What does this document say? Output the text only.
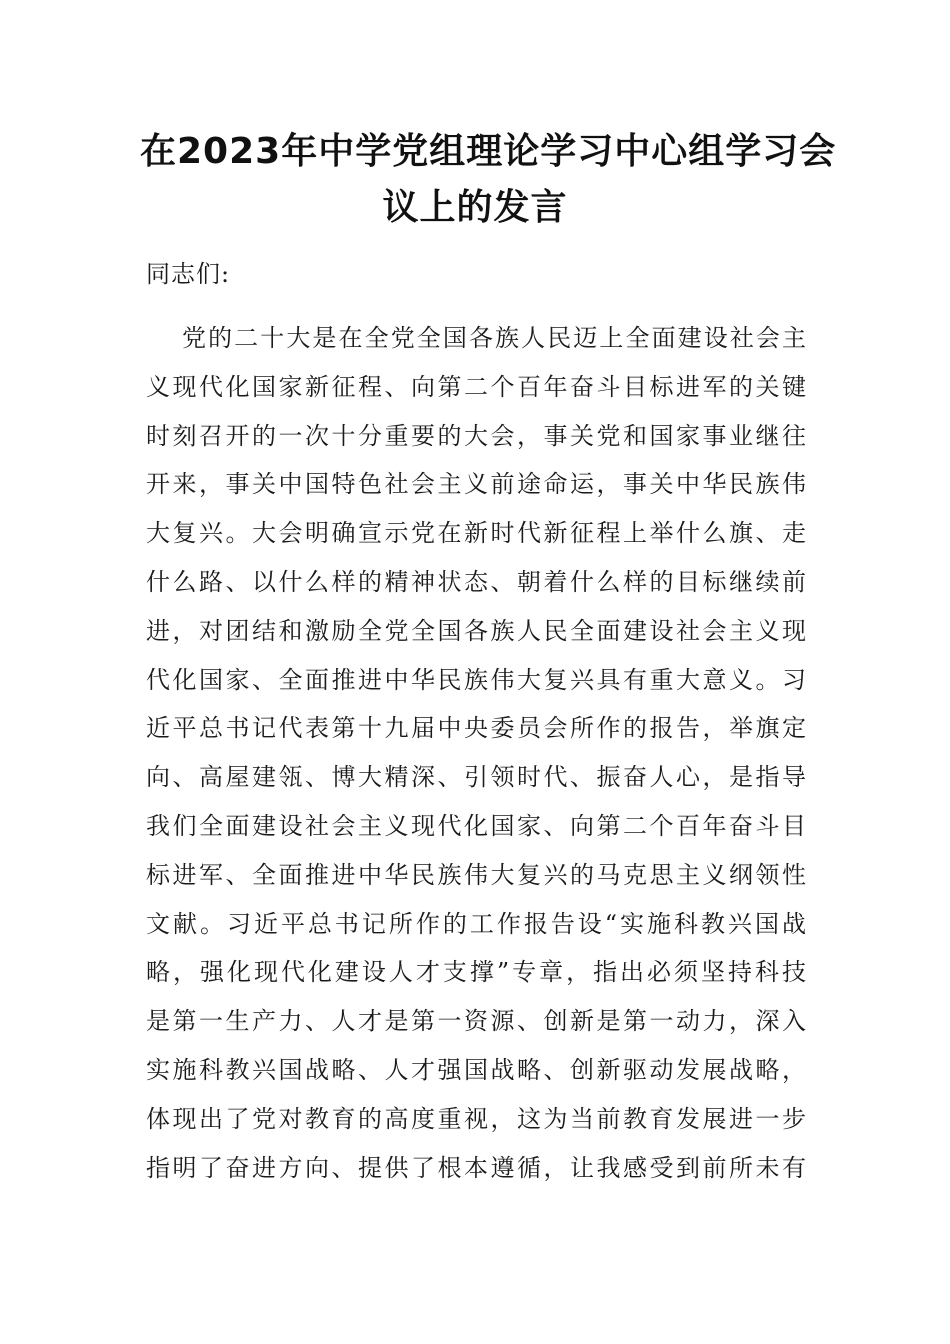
在2023年中学党组理论学习中心组学习会
议上的发言
同志们:
党的二十大是在全党全国各族人民迈上全面建设社会主
义现代化国家新征程、向第二个百年奋斗目标进军的关键
时刻召开的一次十分重要的大会，事关党和国家事业继往
开来，事关中国特色社会主义前途命运，事关中华民族伟
大复兴。大会明确宣示党在新时代新征程上举什么旗、走
什么路、以什么样的精神状态、朝着什么样的目标继续前
进，对团结和激励全党全国各族人民全面建设社会主义现
代化国家、全面推进中华民族伟大复兴具有重大意义。习
近平总书记代表第十九届中央委员会所作的报告，举旗定
向、高屋建瓴、博大精深、引领时代、振奋人心，是指导
我们全面建设社会主义现代化国家、向第二个百年奋斗目
标进军、全面推进中华民族伟大复兴的马克思主义纲领性
文献。习近平总书记所作的工作报告设“实施科教兴国战
略，强化现代化建设人才支撑”专章，指出必须坚持科技
是第一生产力、人才是第一资源、创新是第一动力，深入
实施科教兴国战略、人才强国战略、创新驱动发展战略，
体现出了党对教育的高度重视，这为当前教育发展进一步
指明了奋进方向、提供了根本遵循，让我感受到前所未有
